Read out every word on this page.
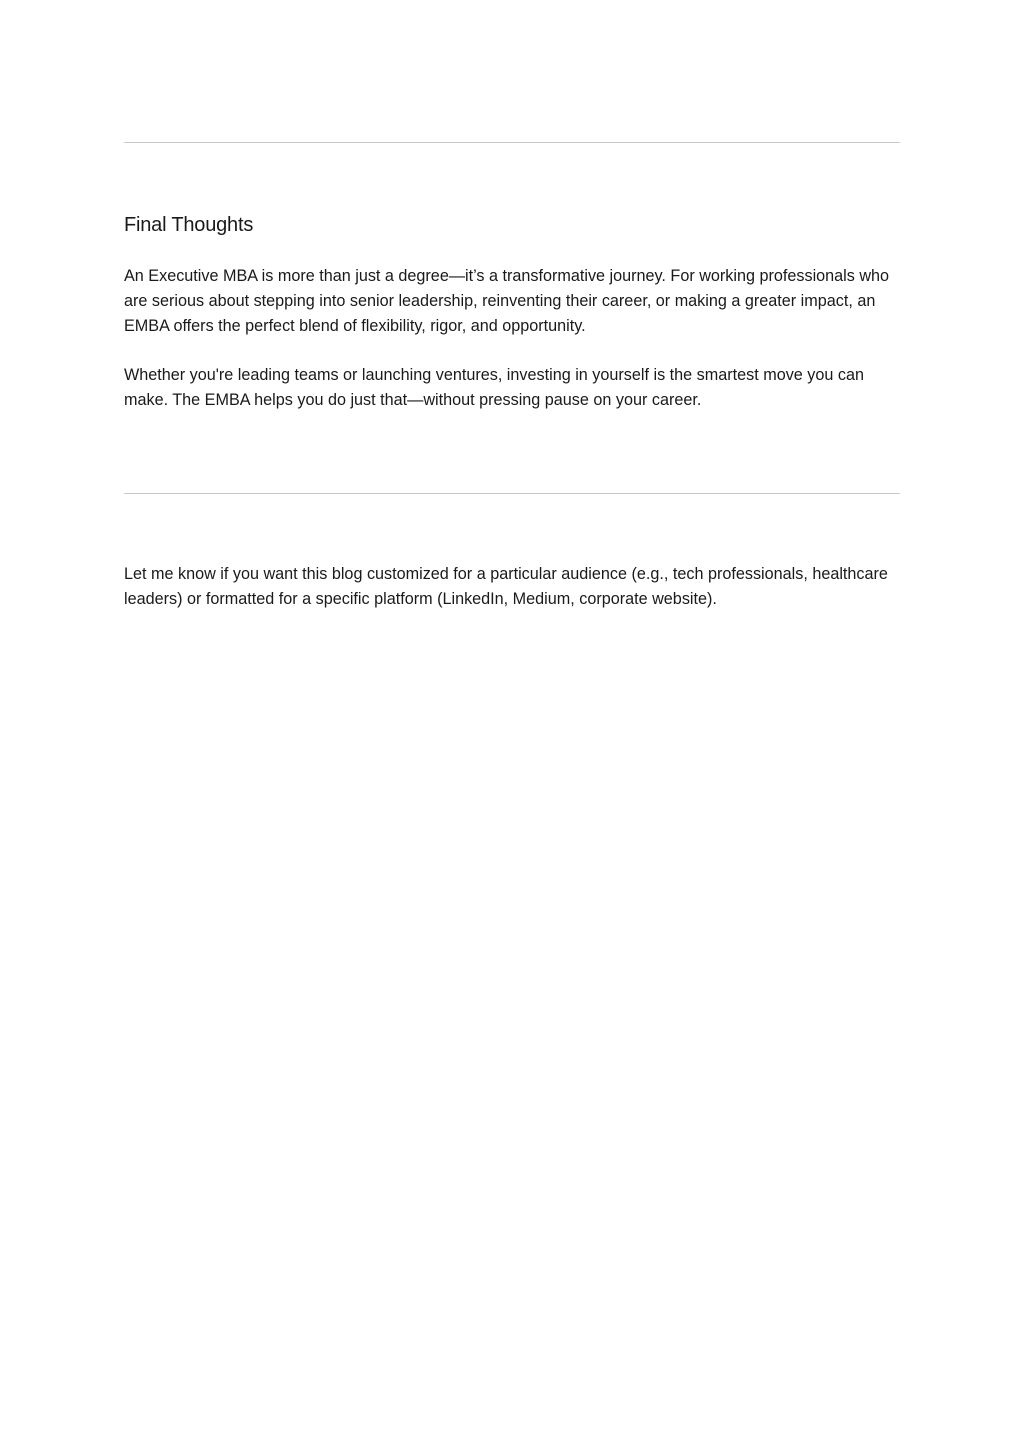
Final Thoughts

An Executive MBA is more than just a degree—it’s a transformative journey. For working professionals who are serious about stepping into senior leadership, reinventing their career, or making a greater impact, an EMBA offers the perfect blend of flexibility, rigor, and opportunity.

Whether you're leading teams or launching ventures, investing in yourself is the smartest move you can make. The EMBA helps you do just that—without pressing pause on your career.

Let me know if you want this blog customized for a particular audience (e.g., tech professionals, healthcare leaders) or formatted for a specific platform (LinkedIn, Medium, corporate website).
